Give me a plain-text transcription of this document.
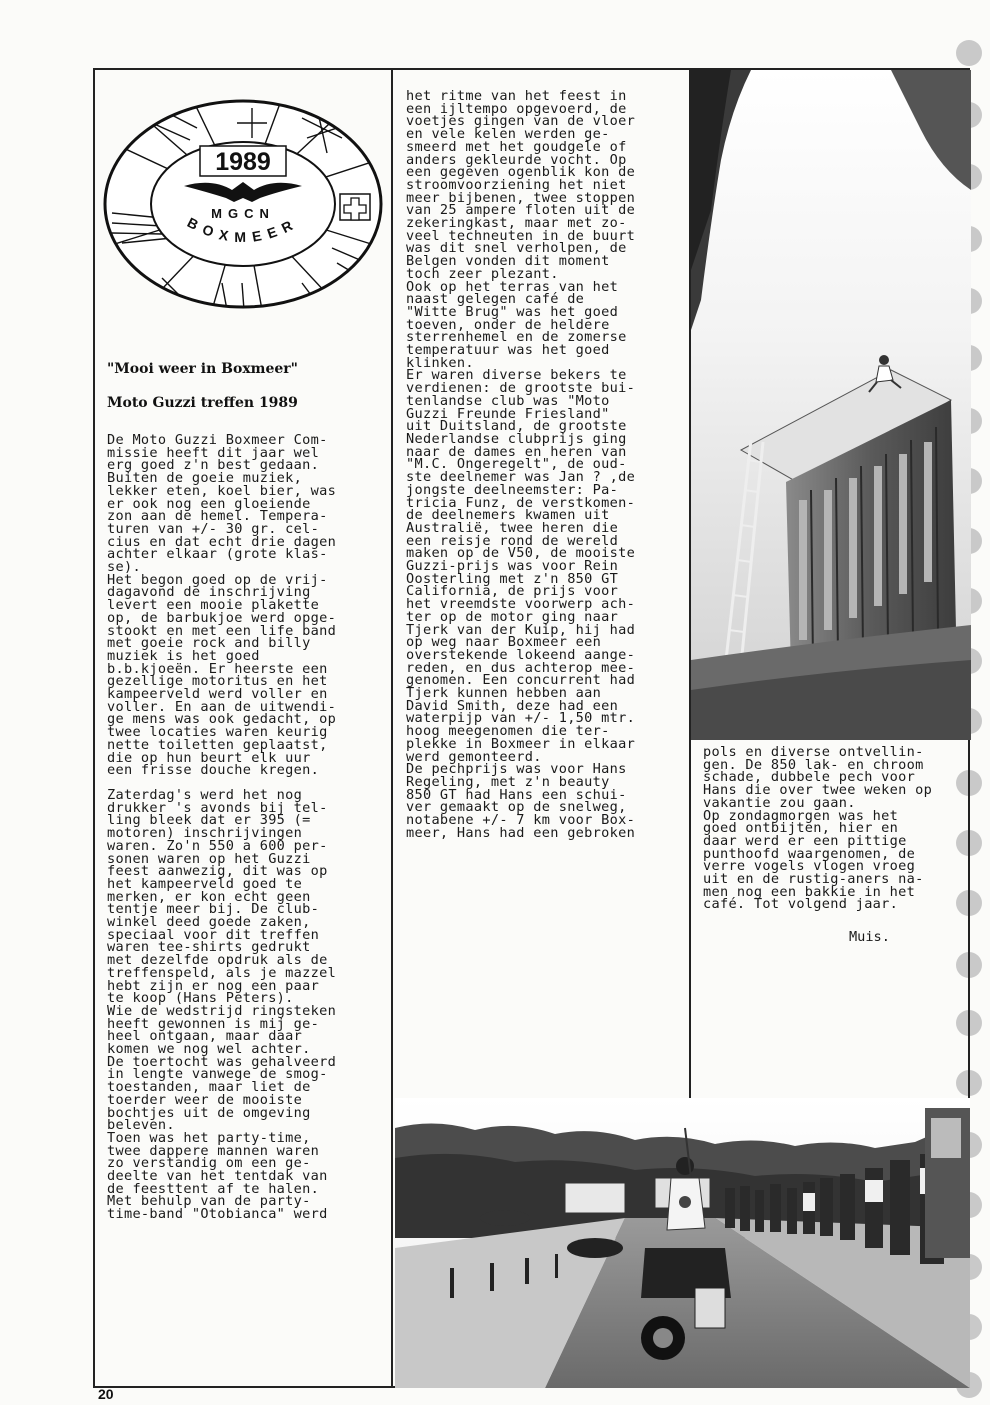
1989
MGCN
BOXMEER
"Mooi weer in Boxmeer"
Moto Guzzi treffen 1989

De Moto Guzzi Boxmeer Com-

missie heeft dit jaar wel

erg goed z'n best gedaan.

Buiten de goeie muziek,

lekker eten, koel bier, was

er ook nog een gloeiende

zon aan de hemel. Tempera-

turen van +/- 30 gr. cel-

cius en dat echt drie dagen

achter elkaar (grote klas-

se).

Het begon goed op de vrij-

dagavond de inschrijving

levert een mooie plakette

op, de barbukjoe werd opge-

stookt en met een life band

met goeie rock and billy

muziek is het goed

b.b.kjoeën. Er heerste een

gezellige motoritus en het

kampeerveld werd voller en

voller. En aan de uitwendi-

ge mens was ook gedacht, op

twee locaties waren keurig

nette toiletten geplaatst,

die op hun beurt elk uur

een frisse douche kregen.

Zaterdag's werd het nog

drukker 's avonds bij tel-

ling bleek dat er 395 (=

motoren) inschrijvingen

waren. Zo'n 550 a 600 per-

sonen waren op het Guzzi

feest aanwezig, dit was op

het kampeerveld goed te

merken, er kon echt geen

tentje meer bij. De club-

winkel deed goede zaken,

speciaal voor dit treffen

waren tee-shirts gedrukt

met dezelfde opdruk als de

treffenspeld, als je mazzel

hebt zijn er nog een paar

te koop (Hans Peters).

Wie de wedstrijd ringsteken

heeft gewonnen is mij ge-

heel ontgaan, maar daar

komen we nog wel achter.

De toertocht was gehalveerd

in lengte vanwege de smog-

toestanden, maar liet de

toerder weer de mooiste

bochtjes uit de omgeving

beleven.

Toen was het party-time,

twee dappere mannen waren

zo verstandig om een ge-

deelte van het tentdak van

de feesttent af te halen.

Met behulp van de party-

time-band "Otobianca" werd

het ritme van het feest in

een ijltempo opgevoerd, de

voetjes gingen van de vloer

en vele kelen werden ge-

smeerd met het goudgele of

anders gekleurde vocht. Op

een gegeven ogenblik kon de

stroomvoorziening het niet

meer bijbenen, twee stoppen

van 25 ampere floten uit de

zekeringkast, maar met zo-

veel techneuten in de buurt

was dit snel verholpen, de

Belgen vonden dit moment

toch zeer plezant.

Ook op het terras van het

naast gelegen café de

"Witte Brug" was het goed

toeven, onder de heldere

sterrenhemel en de zomerse

temperatuur was het goed

klinken.

Er waren diverse bekers te

verdienen: de grootste bui-

tenlandse club was "Moto

Guzzi Freunde Friesland"

uit Duitsland, de grootste

Nederlandse clubprijs ging

naar de dames en heren van

"M.C. Ongeregelt", de oud-

ste deelnemer was Jan ? ,de

jongste deelneemster: Pa-

tricia Funz, de verstkomen-

de deelnemers kwamen uit

Australië, twee heren die

een reisje rond de wereld

maken op de V50, de mooiste

Guzzi-prijs was voor Rein

Oosterling met z'n 850 GT

California, de prijs voor

het vreemdste voorwerp ach-

ter op de motor ging naar

Tjerk van der Kuip, hij had

op weg naar Boxmeer een

overstekende lokeend aange-

reden, en dus achterop mee-

genomen. Een concurrent had

Tjerk kunnen hebben aan

David Smith, deze had een

waterpijp van +/- 1,50 mtr.

hoog meegenomen die ter-

plekke in Boxmeer in elkaar

werd gemonteerd.

De pechprijs was voor Hans

Regeling, met z'n beauty

850 GT had Hans een schui-

ver gemaakt op de snelweg,

notabene +/- 7 km voor Box-

meer, Hans had een gebroken

pols en diverse ontvellin-

gen. De 850 lak- en chroom

schade, dubbele pech voor

Hans die over twee weken op

vakantie zou gaan.

Op zondagmorgen was het

goed ontbijten, hier en

daar werd er een pittige

punthoofd waargenomen, de

verre vogels vlogen vroeg

uit en de rustig-aners na-

men nog een bakkie in het

café. Tot volgend jaar.

Muis.
20
